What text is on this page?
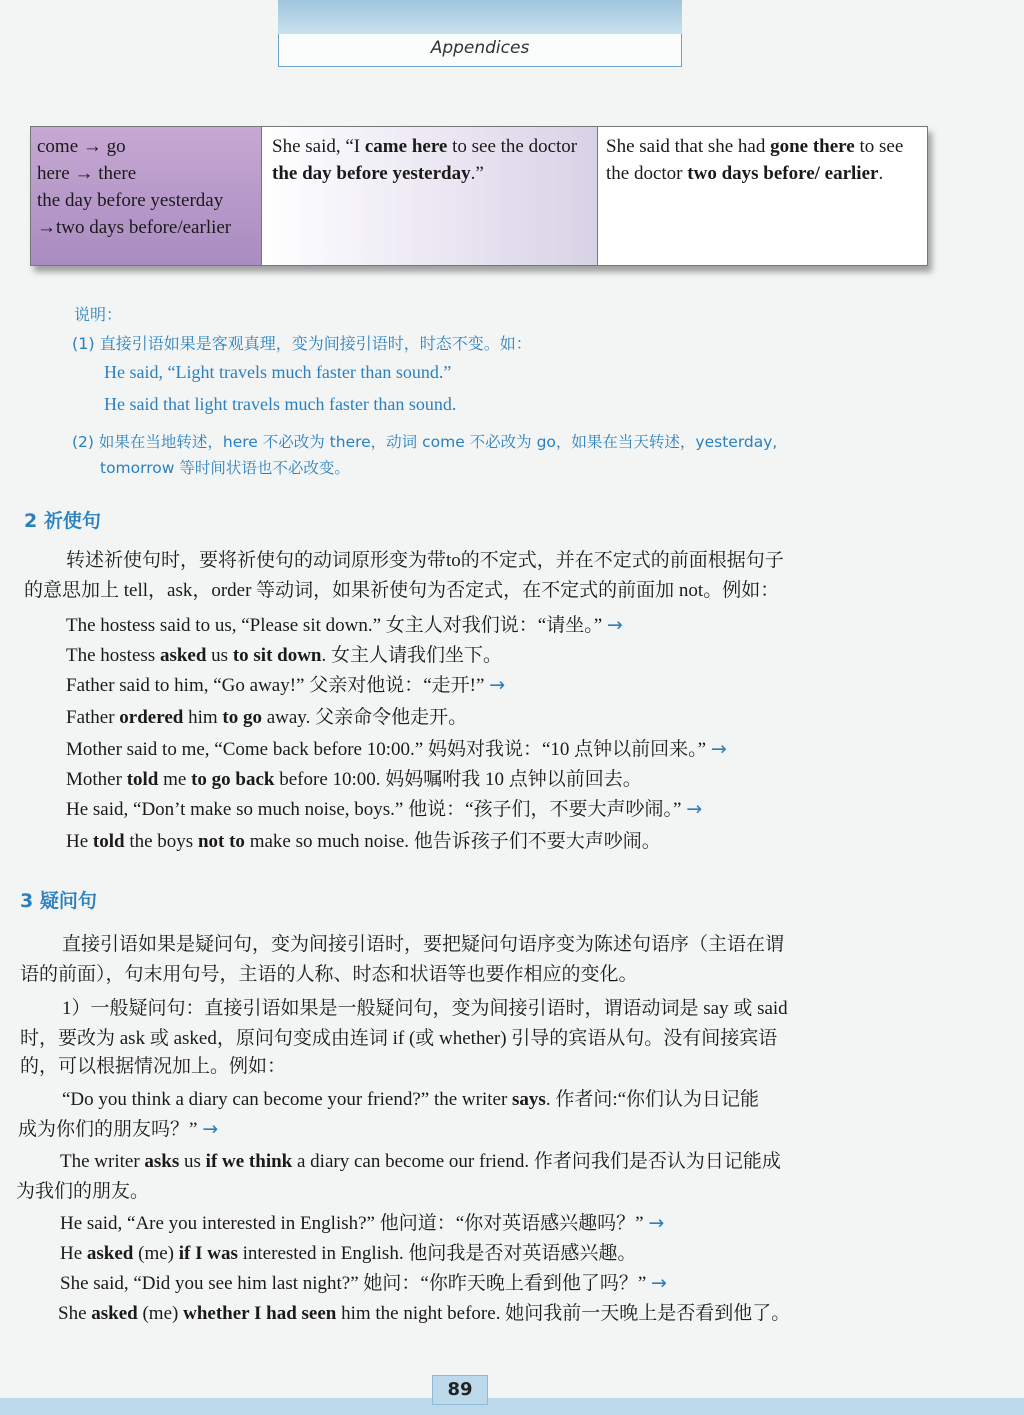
Appendices
come → go
here → there
the day before yesterday
→two days before/earlier
She said, “I came here to see the doctor the day before yesterday.”
She said that she had gone there to see the doctor two days before/ earlier.
说明：
(1) 直接引语如果是客观真理，变为间接引语时，时态不变。如：
He said, “Light travels much faster than sound.”
He said that light travels much faster than sound.
(2) 如果在当地转述，here 不必改为 there，动词 come 不必改为 go，如果在当天转述，yesterday,
tomorrow 等时间状语也不必改变。
2 祈使句
转述祈使句时，要将祈使句的动词原形变为带to的不定式，并在不定式的前面根据句子
的意思加上 tell，ask，order 等动词，如果祈使句为否定式，在不定式的前面加 not。例如：
The hostess said to us, “Please sit down.” 女主人对我们说：“请坐。” →
The hostess asked us to sit down. 女主人请我们坐下。
Father said to him, “Go away!” 父亲对他说：“走开!” →
Father ordered him to go away. 父亲命令他走开。
Mother said to me, “Come back before 10:00.” 妈妈对我说：“10 点钟以前回来。” →
Mother told me to go back before 10:00. 妈妈嘱咐我 10 点钟以前回去。
He said, “Don’t make so much noise, boys.” 他说：“孩子们，不要大声吵闹。” →
He told the boys not to make so much noise. 他告诉孩子们不要大声吵闹。
3 疑问句
直接引语如果是疑问句，变为间接引语时，要把疑问句语序变为陈述句语序（主语在谓
语的前面），句末用句号，主语的人称、时态和状语等也要作相应的变化。
1）一般疑问句：直接引语如果是一般疑问句，变为间接引语时，谓语动词是 say 或 said
时，要改为 ask 或 asked，原问句变成由连词 if (或 whether) 引导的宾语从句。没有间接宾语
的，可以根据情况加上。例如：
“Do you think a diary can become your friend?” the writer says. 作者问:“你们认为日记能
成为你们的朋友吗？” →
The writer asks us if we think a diary can become our friend. 作者问我们是否认为日记能成
为我们的朋友。
He said, “Are you interested in English?” 他问道：“你对英语感兴趣吗？” →
He asked (me) if I was interested in English. 他问我是否对英语感兴趣。
She said, “Did you see him last night?” 她问：“你昨天晚上看到他了吗？” →
She asked (me) whether I had seen him the night before. 她问我前一天晚上是否看到他了。
89
